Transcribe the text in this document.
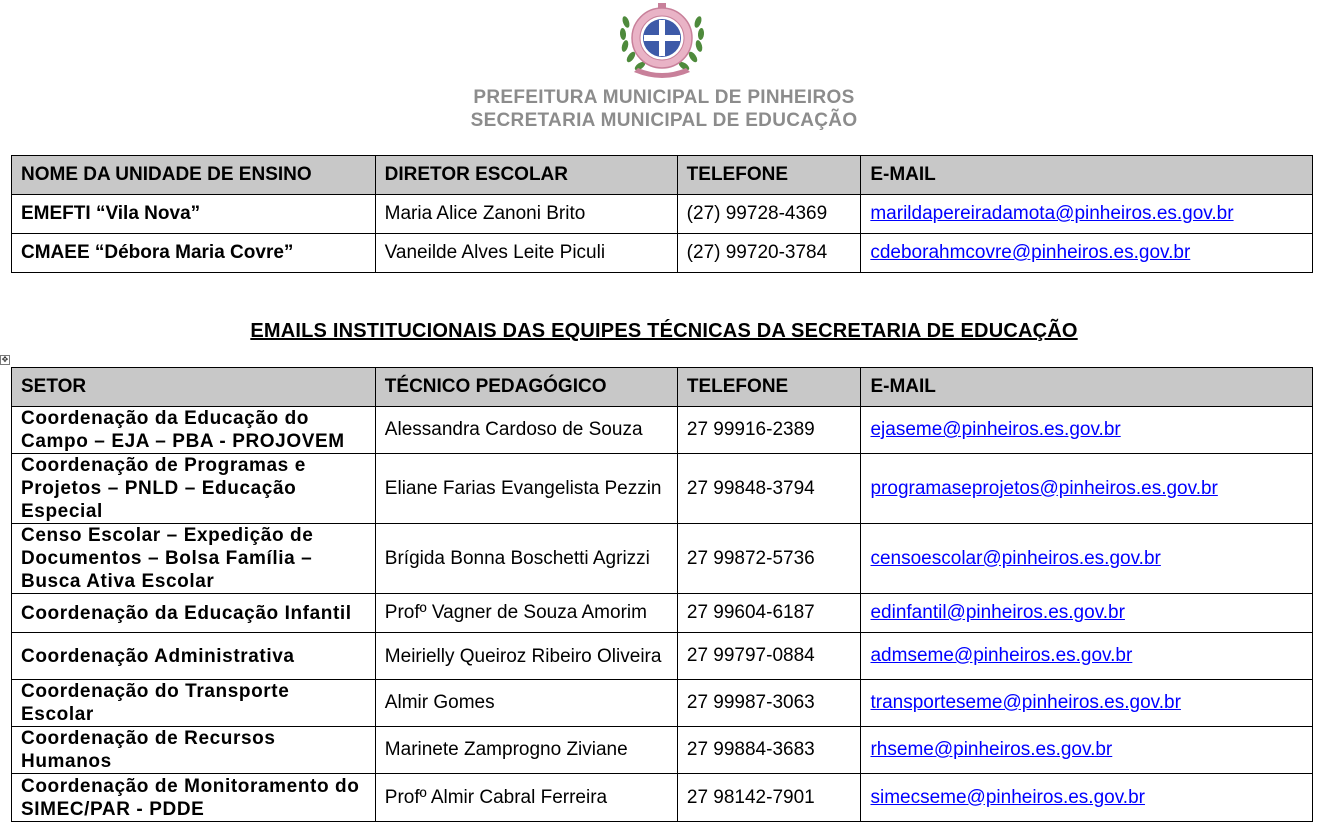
PREFEITURA MUNICIPAL DE PINHEIROS
SECRETARIA MUNICIPAL DE EDUCAÇÃO
NOME DA UNIDADE DE ENSINO	DIRETOR ESCOLAR	TELEFONE	E-MAIL
EMEFTI “Vila Nova”	Maria Alice Zanoni Brito	(27) 99728-4369	marildapereiradamota@pinheiros.es.gov.br
CMAEE “Débora Maria Covre”	Vaneilde Alves Leite Piculi	(27) 99720-3784	cdeborahmcovre@pinheiros.es.gov.br
EMAILS INSTITUCIONAIS DAS EQUIPES TÉCNICAS DA SECRETARIA DE EDUCAÇÃO
✥
SETOR	TÉCNICO PEDAGÓGICO	TELEFONE	E-MAIL
Coordenação da Educação do Campo – EJA – PBA - PROJOVEM	Alessandra Cardoso de Souza	27 99916-2389	ejaseme@pinheiros.es.gov.br
Coordenação de Programas e Projetos – PNLD – Educação Especial	Eliane Farias Evangelista Pezzin	27 99848-3794	programaseprojetos@pinheiros.es.gov.br
Censo Escolar – Expedição de Documentos – Bolsa Família – Busca Ativa Escolar	Brígida Bonna Boschetti Agrizzi	27 99872-5736	censoescolar@pinheiros.es.gov.br
Coordenação da Educação Infantil	Profº Vagner de Souza Amorim	27 99604-6187	edinfantil@pinheiros.es.gov.br
Coordenação Administrativa	Meirielly Queiroz Ribeiro Oliveira	27 99797-0884	admseme@pinheiros.es.gov.br
Coordenação do Transporte Escolar	Almir Gomes	27 99987-3063	transporteseme@pinheiros.es.gov.br
Coordenação de Recursos Humanos	Marinete Zamprogno Ziviane	27 99884-3683	rhseme@pinheiros.es.gov.br
Coordenação de Monitoramento do SIMEC/PAR - PDDE	Profº Almir Cabral Ferreira	27 98142-7901	simecseme@pinheiros.es.gov.br
